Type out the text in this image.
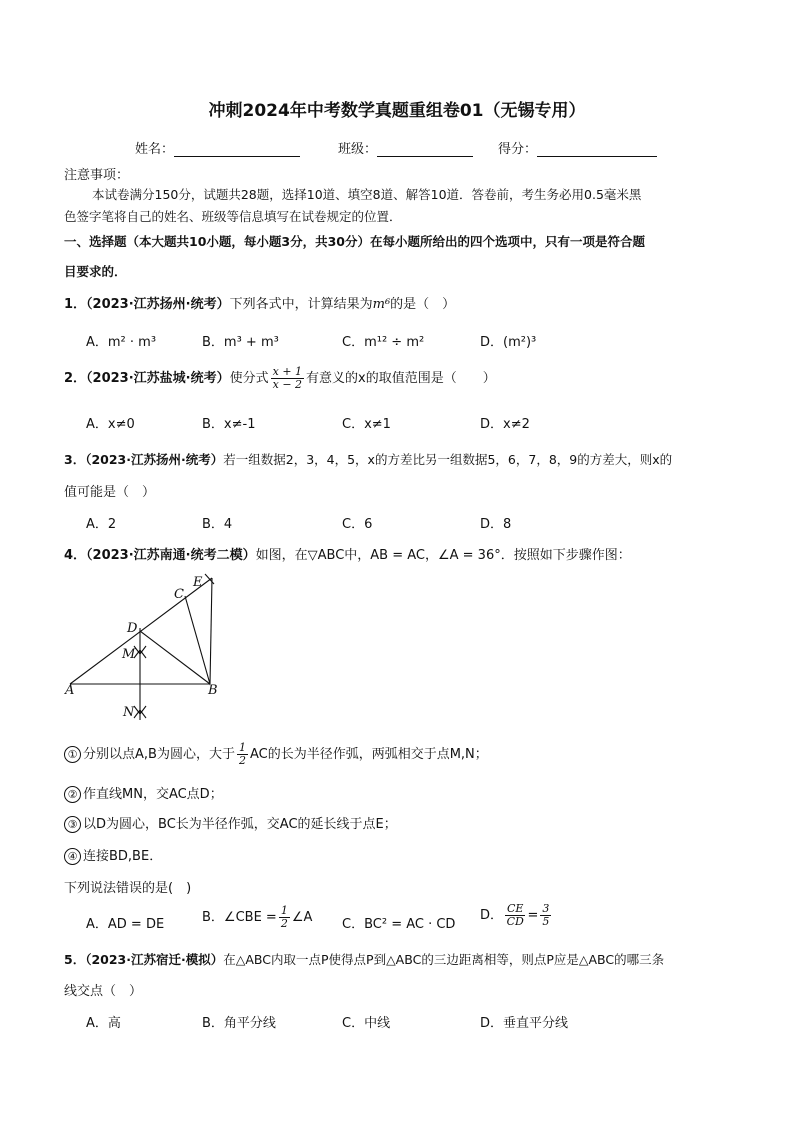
冲刺2024年中考数学真题重组卷01（无锡专用）
姓名：	班级：	得分：
注意事项：
本试卷满分150分，试题共28题，选择10道、填空8道、解答10道．答卷前，考生务必用0.5毫米黑
色签字笔将自己的姓名、班级等信息填写在试卷规定的位置．
一、选择题（本大题共10小题，每小题3分，共30分）在每小题所给出的四个选项中，只有一项是符合题
目要求的．
1．（2023·江苏扬州·统考）下列各式中，计算结果为m⁶的是（　）
A．m² · m³	B．m³ + m³	C．m¹² ÷ m²	D．(m²)³
2．（2023·江苏盐城·统考）使分式 $\frac{x + 1}{x - 2}$ 有意义的x的取值范围是（　　）
A．x≠0	B．x≠-1	C．x≠1	D．x≠2
3．（2023·江苏扬州·统考）若一组数据2，3，4，5，x的方差比另一组数据5，6，7，8，9的方差大，则x的
值可能是（　）
A．2	B．4	C．6	D．8
4．（2023·江苏南通·统考二模）如图，在▽ABC中，AB = AC，∠A = 36°．按照如下步骤作图：
A	B
C
D
E
M
N
① 分别以点A,B为圆心，大于 $\frac{1}{2}$ AC的长为半径作弧，两弧相交于点M,N；
② 作直线MN，交AC点D；
③ 以D为圆心，BC长为半径作弧，交AC的延长线于点E；
④ 连接BD,BE．
下列说法错误的是(　)
A．AD = DE	B．∠CBE = $\frac{1}{2}$ ∠A C．BC² = AC · CD
D． $\frac{CE}{CD} = \frac{3}{5}$
5．（2023·江苏宿迁·模拟）在△ABC内取一点P使得点P到△ABC的三边距离相等，则点P应是△ABC的哪三条
线交点（　）
A．高	B．角平分线	C．中线	D．垂直平分线
